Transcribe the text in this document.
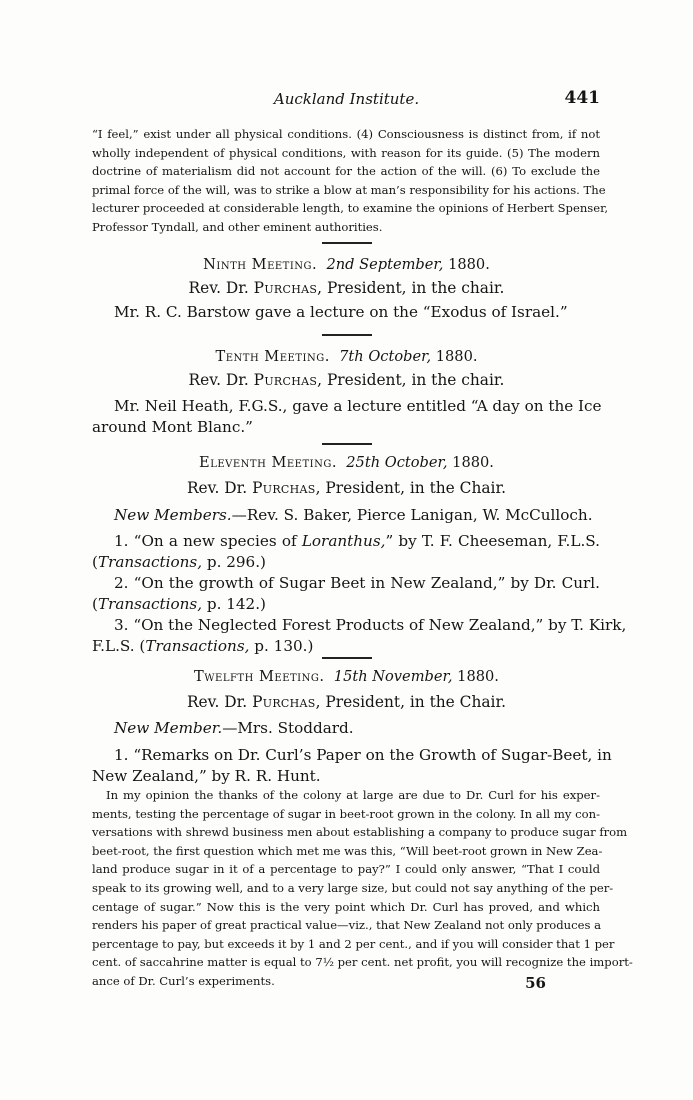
Auckland Institute.	441
“I feel,” exist under all physical conditions. (4) Consciousness is distinct from, if not
wholly independent of physical conditions, with reason for its guide. (5) The modern
doctrine of materialism did not account for the action of the will. (6) To exclude the
primal force of the will, was to strike a blow at man’s responsibility for his actions. The
lecturer proceeded at considerable length, to examine the opinions of Herbert Spenser,
Professor Tyndall, and other eminent authorities.
Ninth Meeting. 2nd September, 1880.
Rev. Dr. Purchas, President, in the chair.
Mr. R. C. Barstow gave a lecture on the “Exodus of Israel.”
Tenth Meeting. 7th October, 1880.
Rev. Dr. Purchas, President, in the chair.
Mr. Neil Heath, F.G.S., gave a lecture entitled “A day on the Ice
around Mont Blanc.”
Eleventh Meeting. 25th October, 1880.
Rev. Dr. Purchas, President, in the Chair.
New Members.—Rev. S. Baker, Pierce Lanigan, W. McCulloch.
1. “On a new species of Loranthus,” by T. F. Cheeseman, F.L.S.
(Transactions, p. 296.)
2. “On the growth of Sugar Beet in New Zealand,” by Dr. Curl.
(Transactions, p. 142.)
3. “On the Neglected Forest Products of New Zealand,” by T. Kirk,
F.L.S. (Transactions, p. 130.)
Twelfth Meeting. 15th November, 1880.
Rev. Dr. Purchas, President, in the Chair.
New Member.—Mrs. Stoddard.
1. “Remarks on Dr. Curl’s Paper on the Growth of Sugar-Beet, in
New Zealand,” by R. R. Hunt.
In my opinion the thanks of the colony at large are due to Dr. Curl for his exper-
ments, testing the percentage of sugar in beet-root grown in the colony. In all my con-
versations with shrewd business men about establishing a company to produce sugar from
beet-root, the first question which met me was this, “Will beet-root grown in New Zea-
land produce sugar in it of a percentage to pay?” I could only answer, “That I could
speak to its growing well, and to a very large size, but could not say anything of the per-
centage of sugar.” Now this is the very point which Dr. Curl has proved, and which
renders his paper of great practical value—viz., that New Zealand not only produces a
percentage to pay, but exceeds it by 1 and 2 per cent., and if you will consider that 1 per
cent. of saccahrine matter is equal to 7½ per cent. net profit, you will recognize the import-
ance of Dr. Curl’s experiments.	56
